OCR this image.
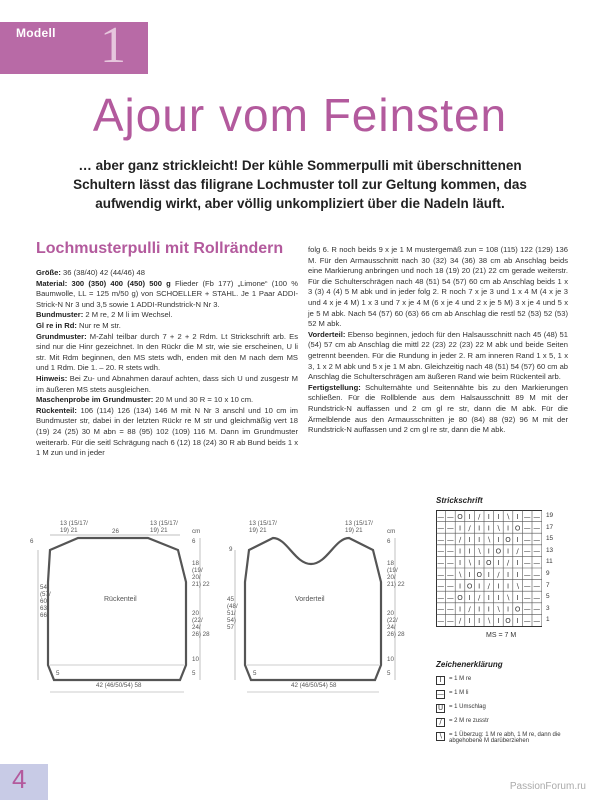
Modell 1
Ajour vom Feinsten

… aber ganz strickleicht! Der kühle Sommerpulli mit überschnittenen Schultern lässt das filigrane Lochmuster toll zur Geltung kommen, das aufwendig wirkt, aber völlig unkompliziert über die Nadeln läuft.

Lochmusterpulli mit Rollrändern

Größe: 36 (38/40) 42 (44/46) 48

Material: 300 (350) 400 (450) 500 g Flieder (Fb 177) „Limone“ (100 % Baumwolle, LL = 125 m/50 g) von SCHOELLER + STAHL. Je 1 Paar ADDI-Strick-N Nr 3 und 3,5 sowie 1 ADDI-Rundstrick-N Nr 3.

Bundmuster: 2 M re, 2 M li im Wechsel.

Gl re in Rd: Nur re M str.

Grundmuster: M-Zahl teilbar durch 7 + 2 + 2 Rdm. Lt Strickschrift arb. Es sind nur die Hinr gezeichnet. In den Rückr die M str, wie sie erscheinen, U li str. Mit Rdm beginnen, den MS stets wdh, enden mit den M nach dem MS und 1 Rdm. Die 1. – 20. R stets wdh.

Hinweis: Bei Zu- und Abnahmen darauf achten, dass sich U und zusgestr M im äußeren MS stets ausgleichen.

Maschenprobe im Grundmuster: 20 M und 30 R = 10 x 10 cm.

Rückenteil: 106 (114) 126 (134) 146 M mit N Nr 3 anschl und 10 cm im Bundmuster str, dabei in der letzten Rückr re M str und gleichmäßig vert 18 (19) 24 (25) 30 M abn = 88 (95) 102 (109) 116 M. Dann im Grundmuster weiterarb. Für die seitl Schrägung nach 6 (12) 18 (24) 30 R ab Bund beids 1 x 1 M zun und in jeder

folg 6. R noch beids 9 x je 1 M mustergemäß zun = 108 (115) 122 (129) 136 M. Für den Armausschnitt nach 30 (32) 34 (36) 38 cm ab Anschlag beids eine Markierung anbringen und noch 18 (19) 20 (21) 22 cm gerade weiterstr. Für die Schulterschrägen nach 48 (51) 54 (57) 60 cm ab Anschlag beids 1 x 3 (3) 4 (4) 5 M abk und in jeder folg 2. R noch 7 x je 3 und 1 x 4 M (4 x je 3 und 4 x je 4 M) 1 x 3 und 7 x je 4 M (6 x je 4 und 2 x je 5 M) 3 x je 4 und 5 x je 5 M abk. Nach 54 (57) 60 (63) 66 cm ab Anschlag die restl 52 (53) 52 (53) 52 M abk.

Vorderteil: Ebenso beginnen, jedoch für den Halsausschnitt nach 45 (48) 51 (54) 57 cm ab Anschlag die mittl 22 (23) 22 (23) 22 M abk und beide Seiten getrennt beenden. Für die Rundung in jeder 2. R am inneren Rand 1 x 5, 1 x 3, 1 x 2 M abk und 5 x je 1 M abn. Gleichzeitig nach 48 (51) 54 (57) 60 cm ab Anschlag die Schulterschrägen am äußeren Rand wie beim Rückenteil arb.

Fertigstellung: Schulternähte und Seitennähte bis zu den Markierungen schließen. Für die Rollblende aus dem Halsausschnitt 89 M mit der Rundstrick-N auffassen und 2 cm gl re str, dann die M abk. Für die Ärmelblende aus den Armausschnitten je 80 (84) 88 (92) 96 M mit der Rundstrick-N auffassen und 2 cm gl re str, dann die M abk.

13 (15/17/ 19) 21	26
13 (15/17/ 19) 21	cm
6	6
18 (19/ 20/ 21) 22
54 (57/ 60/ 63) 66	20 (22/ 24/ 26) 28
10
Rückenteil
5
42 (46/50/54) 58
5
13 (15/17/ 19) 21
13 (15/17/ 19) 21	cm
9
6
18 (19/ 20/ 21) 22
45 (48/ 51/ 54) 57
20 (22/ 24/ 26) 28
10
Vorderteil
5
42 (46/50/54) 58
5

Strickschrift

— — O I ∕ I I ∖ I — —
— — I ∕ I I ∖ I O — —
— — ∕ I I ∖ I O I — —
— — I I ∖ I O I ∕ — —
— — I ∖ I O I ∕ I — —
— — ∖ I O I ∕ I I — —
— — I O I ∕ I I ∖ — —
— — O I ∕ I I ∖ I — —
— — I ∕ I I ∖ I O — —
— — ∕ I I ∖ I O I — —
19
17
15
13
11
9
7
5
3
1
MS = 7 M

Zeichenerklärung

I	= 1 M re
— = 1 M li
U = 1 Umschlag
∕	= 2 M re zusstr
∖	= 1 Überzug: 1 M re abh, 1 M re, dann die abgehobene M darüberziehen
4	PassionForum.ru
